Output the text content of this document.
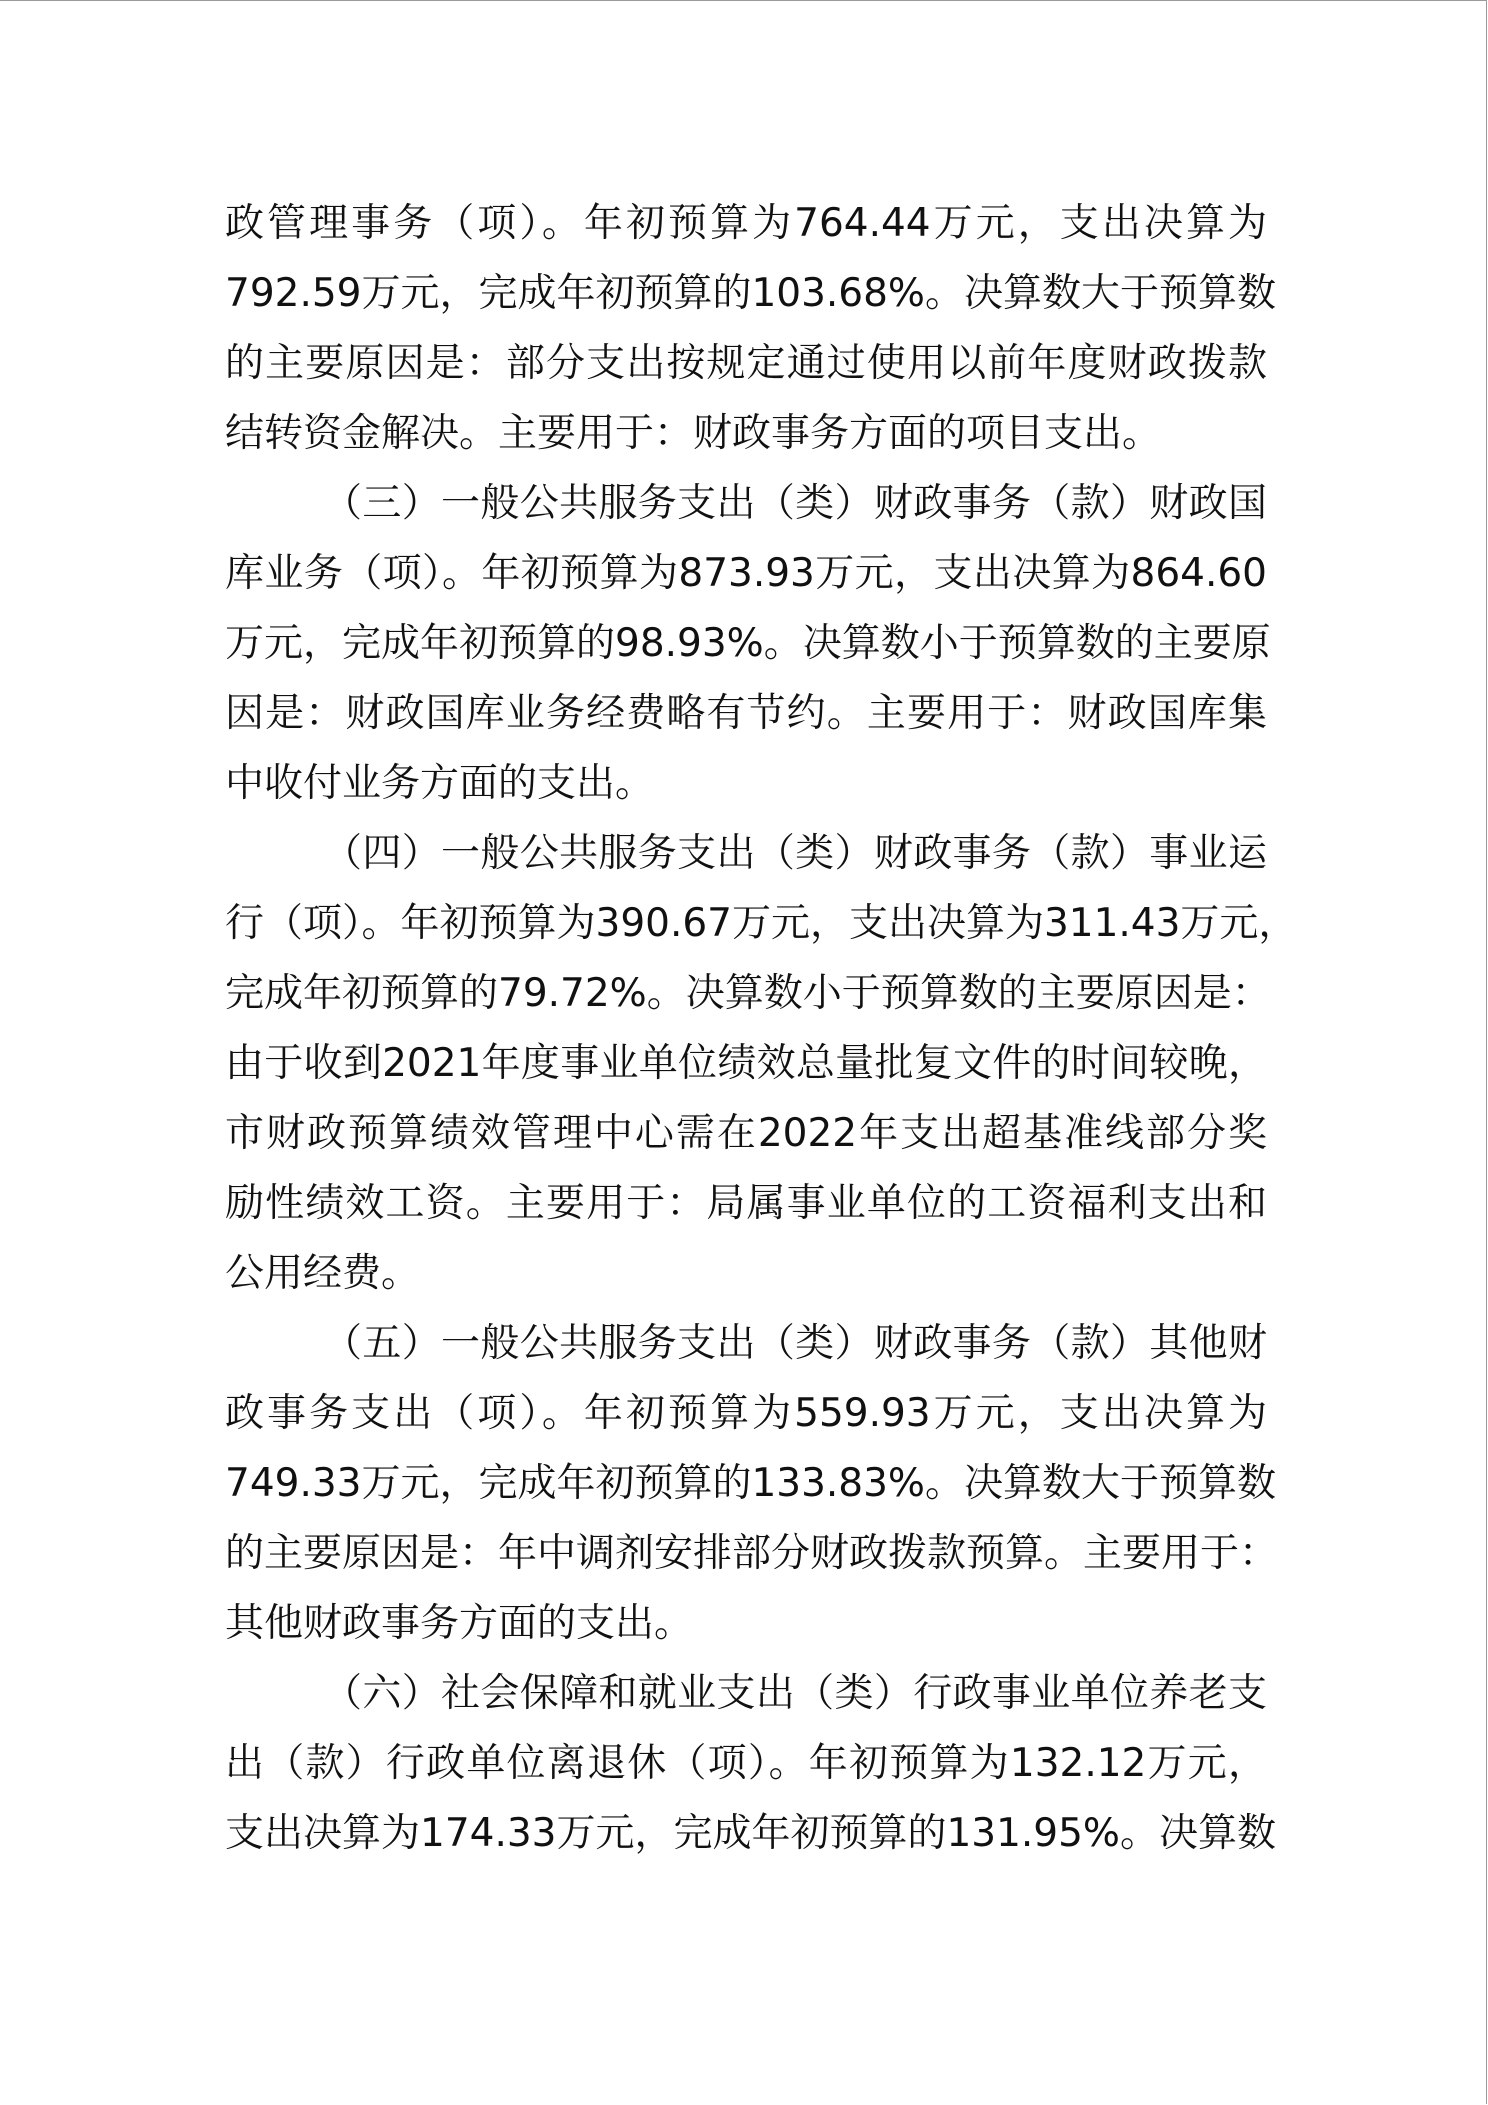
政管理事务（项）。年初预算为764.44万元，支出决算为
792.59万元，完成年初预算的103.68%。决算数大于预算数
的主要原因是：部分支出按规定通过使用以前年度财政拨款
结转资金解决。主要用于：财政事务方面的项目支出。
（三）一般公共服务支出（类）财政事务（款）财政国
库业务（项）。年初预算为873.93万元，支出决算为864.60
万元，完成年初预算的98.93%。决算数小于预算数的主要原
因是：财政国库业务经费略有节约。主要用于：财政国库集
中收付业务方面的支出。
（四）一般公共服务支出（类）财政事务（款）事业运
行（项）。年初预算为390.67万元，支出决算为311.43万元，
完成年初预算的79.72%。决算数小于预算数的主要原因是：
由于收到2021年度事业单位绩效总量批复文件的时间较晚，
市财政预算绩效管理中心需在2022年支出超基准线部分奖
励性绩效工资。主要用于：局属事业单位的工资福利支出和
公用经费。
（五）一般公共服务支出（类）财政事务（款）其他财
政事务支出（项）。年初预算为559.93万元，支出决算为
749.33万元，完成年初预算的133.83%。决算数大于预算数
的主要原因是：年中调剂安排部分财政拨款预算。主要用于：
其他财政事务方面的支出。
（六）社会保障和就业支出（类）行政事业单位养老支
出（款）行政单位离退休（项）。年初预算为132.12万元，
支出决算为174.33万元，完成年初预算的131.95%。决算数
